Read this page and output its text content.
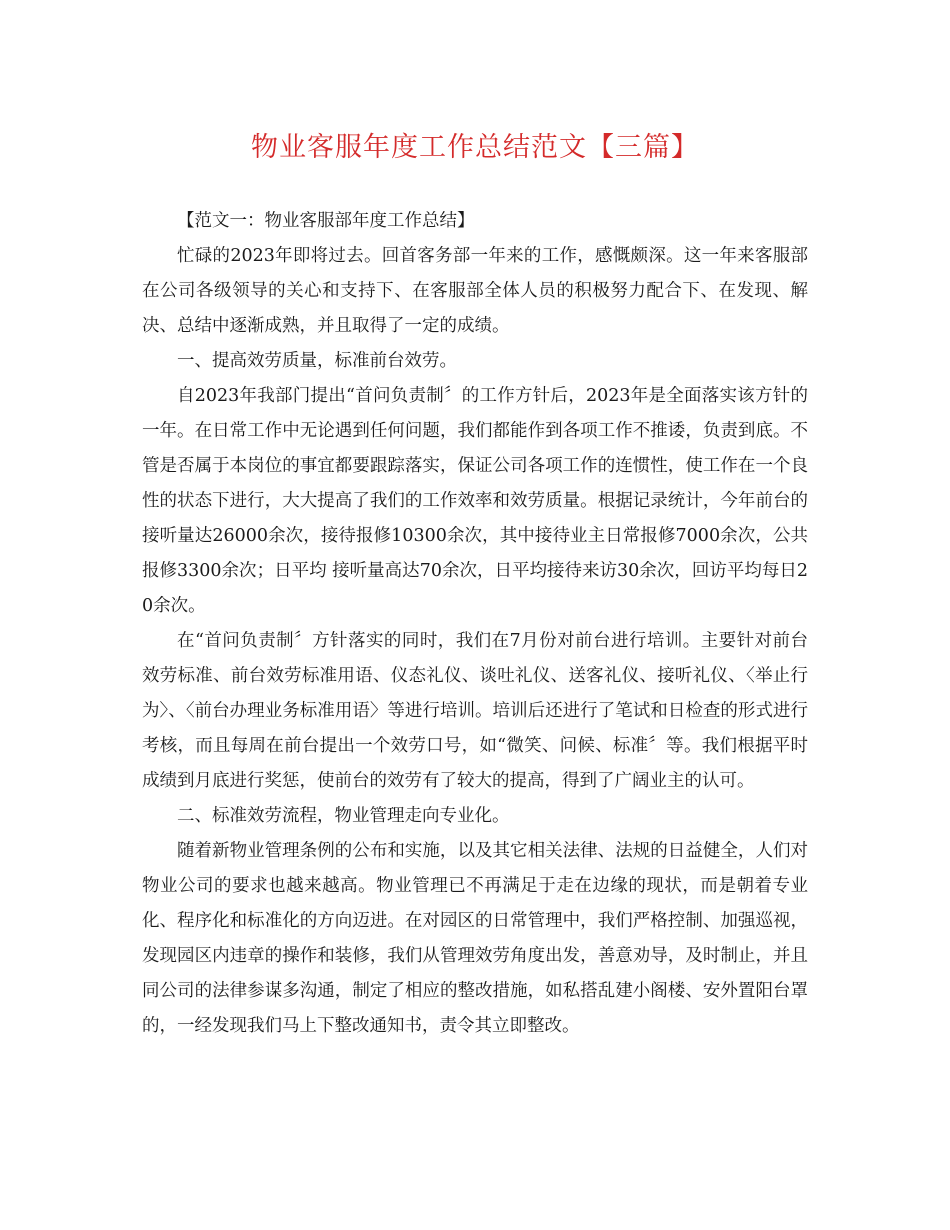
物业客服年度工作总结范文【三篇】

【范文一：物业客服部年度工作总结】

忙碌的2023年即将过去。回首客务部一年来的工作，感慨颇深。这一年来客服部在公司各级领导的关心和支持下、在客服部全体人员的积极努力配合下、在发现、解决、总结中逐渐成熟，并且取得了一定的成绩。

一、提高效劳质量，标准前台效劳。

自2023年我部门提出“首问负责制〞的工作方针后，2023年是全面落实该方针的一年。在日常工作中无论遇到任何问题，我们都能作到各项工作不推诿，负责到底。不管是否属于本岗位的事宜都要跟踪落实，保证公司各项工作的连惯性，使工作在一个良性的状态下进行，大大提高了我们的工作效率和效劳质量。根据记录统计，今年前台的 接听量达26000余次，接待报修10300余次，其中接待业主日常报修7000余次，公共报修3300余次；日平均 接听量高达70余次，日平均接待来访30余次，回访平均每日20余次。

在“首问负责制〞方针落实的同时，我们在7月份对前台进行培训。主要针对前台效劳标准、前台效劳标准用语、仪态礼仪、谈吐礼仪、送客礼仪、接听礼仪、〈举止行为〉、〈前台办理业务标准用语〉等进行培训。培训后还进行了笔试和日检查的形式进行考核，而且每周在前台提出一个效劳口号，如“微笑、问候、标准〞等。我们根据平时成绩到月底进行奖惩，使前台的效劳有了较大的提高，得到了广阔业主的认可。

二、标准效劳流程，物业管理走向专业化。

随着新物业管理条例的公布和实施，以及其它相关法律、法规的日益健全，人们对物业公司的要求也越来越高。物业管理已不再满足于走在边缘的现状，而是朝着专业化、程序化和标准化的方向迈进。在对园区的日常管理中，我们严格控制、加强巡视，发现园区内违章的操作和装修，我们从管理效劳角度出发，善意劝导，及时制止，并且同公司的法律参谋多沟通，制定了相应的整改措施，如私搭乱建小阁楼、安外置阳台罩的，一经发现我们马上下整改通知书，责令其立即整改。
